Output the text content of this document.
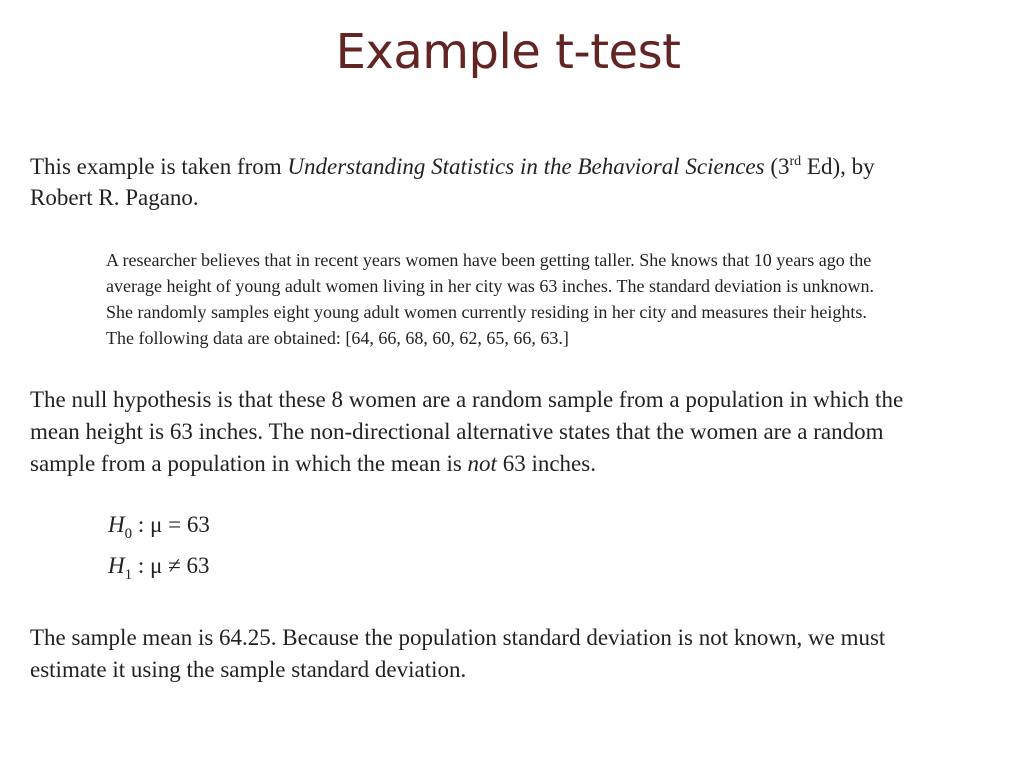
Example t-test

This example is taken from Understanding Statistics in the Behavioral Sciences (3rd Ed), by
Robert R. Pagano.

A researcher believes that in recent years women have been getting taller. She knows that 10 years ago the
average height of young adult women living in her city was 63 inches. The standard deviation is unknown.
She randomly samples eight young adult women currently residing in her city and measures their heights.
The following data are obtained: [64, 66, 68, 60, 62, 65, 66, 63.]

The null hypothesis is that these 8 women are a random sample from a population in which the
mean height is 63 inches. The non-directional alternative states that the women are a random
sample from a population in which the mean is not 63 inches.

$H_0$ : μ = 63
$H_1$ : μ ≠ 63

The sample mean is 64.25. Because the population standard deviation is not known, we must
estimate it using the sample standard deviation.
